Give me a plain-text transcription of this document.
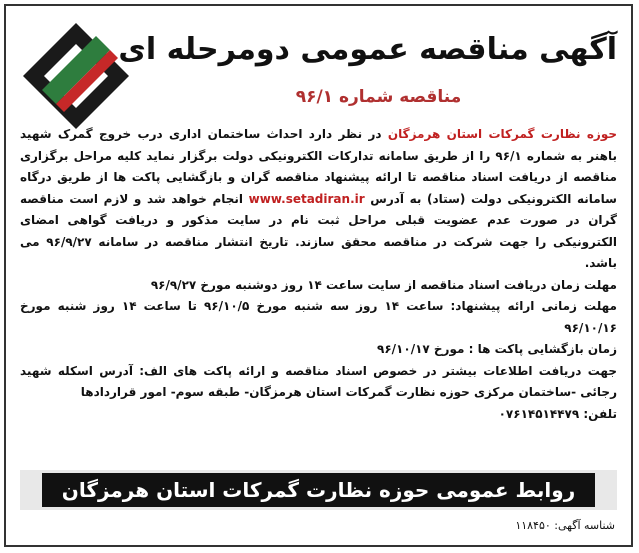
آگهی مناقصه عمومی دومرحله ای
مناقصه شماره ۹۶/۱

حوزه نظارت گمرکات استان هرمزگان در نظر دارد احداث ساختمان اداری درب خروج گمرک شهید باهنر به شماره ۹۶/۱ را از طریق سامانه تدارکات الکترونیکی دولت برگزار نماید کلیه مراحل برگزاری مناقصه از دریافت اسناد مناقصه تا ارائه پیشنهاد مناقصه گران و بازگشایی پاکت ها از طریق درگاه سامانه الکترونیکی دولت (ستاد) به آدرس www.setadiran.ir انجام خواهد شد و لازم است مناقصه گران در صورت عدم عضویت قبلی مراحل ثبت نام در سایت مذکور و دریافت گواهی امضای الکترونیکی را جهت شرکت در مناقصه محقق سازند. تاریخ انتشار مناقصه در سامانه ۹۶/۹/۲۷ می باشد.

مهلت زمان دریافت اسناد مناقصه از سایت ساعت ۱۴ روز دوشنبه مورخ ۹۶/۹/۲۷

مهلت زمانی ارائه پیشنهاد: ساعت ۱۴ روز سه شنبه مورخ ۹۶/۱۰/۵ تا ساعت ۱۴ روز شنبه مورخ ۹۶/۱۰/۱۶

زمان بازگشایی پاکت ها : مورخ ۹۶/۱۰/۱۷

جهت دریافت اطلاعات بیشتر در خصوص اسناد مناقصه و ارائه پاکت های الف: آدرس اسکله شهید رجائی -ساختمان مرکزی حوزه نظارت گمرکات استان هرمزگان- طبقه سوم- امور قراردادها

تلفن: ۰۷۶۱۴۵۱۴۴۷۹

روابط عمومی حوزه نظارت گمرکات استان هرمزگان
شناسه آگهی: ۱۱۸۴۵۰
